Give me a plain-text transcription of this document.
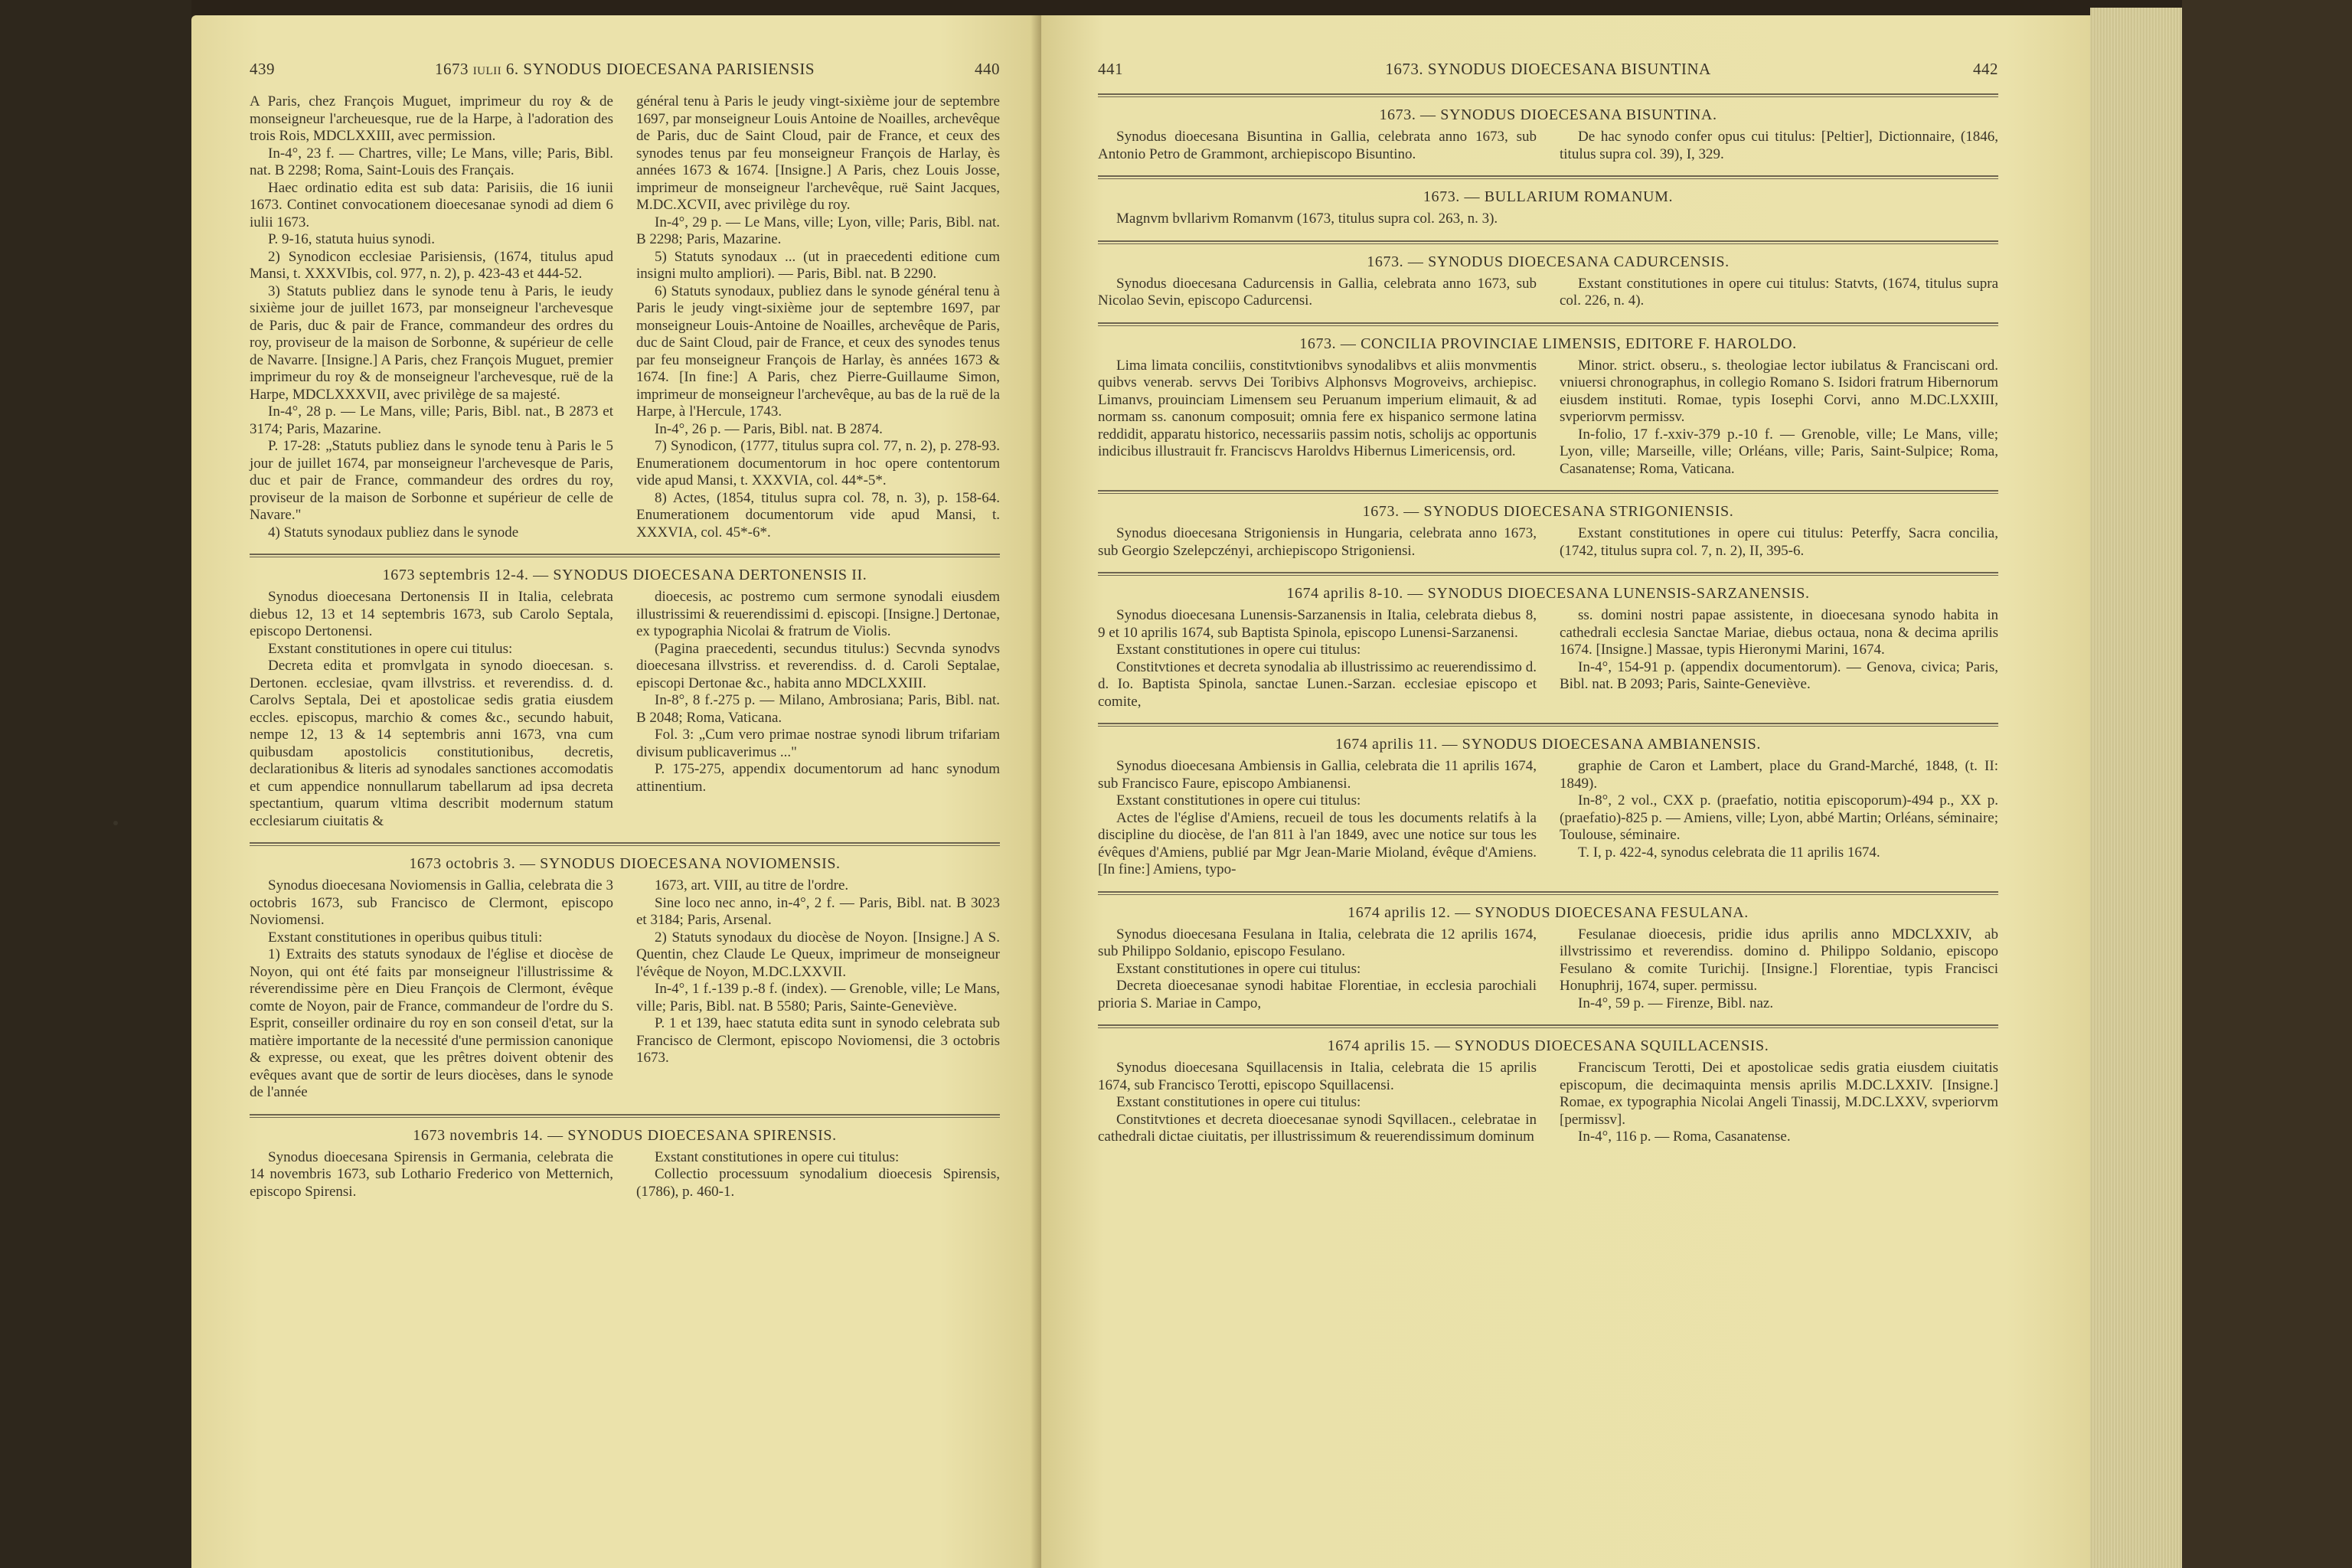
439	1673 iulii 6. SYNODUS DIOECESANA PARISIENSIS	440

A Paris, chez François Muguet, imprimeur du roy & de monseigneur l'archeuesque, rue de la Harpe, à l'adoration des trois Rois, MDCLXXIII, avec permission.

In-4°, 23 f. — Chartres, ville; Le Mans, ville; Paris, Bibl. nat. B 2298; Roma, Saint-Louis des Français.

Haec ordinatio edita est sub data: Parisiis, die 16 iunii 1673. Continet convocationem dioecesanae synodi ad diem 6 iulii 1673.

P. 9-16, statuta huius synodi.

2) Synodicon ecclesiae Parisiensis, (1674, titulus apud Mansi, t. XXXVIbis, col. 977, n. 2), p. 423-43 et 444-52.

3) Statuts publiez dans le synode tenu à Paris, le ieudy sixième jour de juillet 1673, par monseigneur l'archevesque de Paris, duc & pair de France, commandeur des ordres du roy, proviseur de la maison de Sorbonne, & supérieur de celle de Navarre. [Insigne.] A Paris, chez François Muguet, premier imprimeur du roy & de monseigneur l'archevesque, ruë de la Harpe, MDCLXXXVII, avec privilège de sa majesté.

In-4°, 28 p. — Le Mans, ville; Paris, Bibl. nat., B 2873 et 3174; Paris, Mazarine.

P. 17-28: „Statuts publiez dans le synode tenu à Paris le 5 jour de juillet 1674, par monseigneur l'archevesque de Paris, duc et pair de France, commandeur des ordres du roy, proviseur de la maison de Sorbonne et supérieur de celle de Navare."

4) Statuts synodaux publiez dans le synode

général tenu à Paris le jeudy vingt-sixième jour de septembre 1697, par monseigneur Louis Antoine de Noailles, archevêque de Paris, duc de Saint Cloud, pair de France, et ceux des synodes tenus par feu monseigneur François de Harlay, ès années 1673 & 1674. [Insigne.] A Paris, chez Louis Josse, imprimeur de monseigneur l'archevêque, ruë Saint Jacques, M.DC.XCVII, avec privilège du roy.

In-4°, 29 p. — Le Mans, ville; Lyon, ville; Paris, Bibl. nat. B 2298; Paris, Mazarine.

5) Statuts synodaux ... (ut in praecedenti editione cum insigni multo ampliori). — Paris, Bibl. nat. B 2290.

6) Statuts synodaux, publiez dans le synode général tenu à Paris le jeudy vingt-sixième jour de septembre 1697, par monseigneur Louis-Antoine de Noailles, archevêque de Paris, duc de Saint Cloud, pair de France, et ceux des synodes tenus par feu monseigneur François de Harlay, ès années 1673 & 1674. [In fine:] A Paris, chez Pierre-Guillaume Simon, imprimeur de monseigneur l'archevêque, au bas de la ruë de la Harpe, à l'Hercule, 1743.

In-4°, 26 p. — Paris, Bibl. nat. B 2874.

7) Synodicon, (1777, titulus supra col. 77, n. 2), p. 278-93. Enumerationem documentorum in hoc opere contentorum vide apud Mansi, t. XXXVIA, col. 44*-5*.

8) Actes, (1854, titulus supra col. 78, n. 3), p. 158-64. Enumerationem documentorum vide apud Mansi, t. XXXVIA, col. 45*-6*.

1673 septembris 12-4. — SYNODUS DIOECESANA DERTONENSIS II.

Synodus dioecesana Dertonensis II in Italia, celebrata diebus 12, 13 et 14 septembris 1673, sub Carolo Septala, episcopo Dertonensi.

Exstant constitutiones in opere cui titulus:

Decreta edita et promvlgata in synodo dioecesan. s. Dertonen. ecclesiae, qvam illvstriss. et reverendiss. d. d. Carolvs Septala, Dei et apostolicae sedis gratia eiusdem eccles. episcopus, marchio & comes &c., secundo habuit, nempe 12, 13 & 14 septembris anni 1673, vna cum quibusdam apostolicis constitutionibus, decretis, declarationibus & literis ad synodales sanctiones accomodatis et cum appendice nonnullarum tabellarum ad ipsa decreta spectantium, quarum vltima describit modernum statum ecclesiarum ciuitatis &

dioecesis, ac postremo cum sermone synodali eiusdem illustrissimi & reuerendissimi d. episcopi. [Insigne.] Dertonae, ex typographia Nicolai & fratrum de Violis.

(Pagina praecedenti, secundus titulus:) Secvnda synodvs dioecesana illvstriss. et reverendiss. d. d. Caroli Septalae, episcopi Dertonae &c., habita anno MDCLXXIII.

In-8°, 8 f.-275 p. — Milano, Ambrosiana; Paris, Bibl. nat. B 2048; Roma, Vaticana.

Fol. 3: „Cum vero primae nostrae synodi librum trifariam divisum publicaverimus ..."

P. 175-275, appendix documentorum ad hanc synodum attinentium.

1673 octobris 3. — SYNODUS DIOECESANA NOVIOMENSIS.

Synodus dioecesana Noviomensis in Gallia, celebrata die 3 octobris 1673, sub Francisco de Clermont, episcopo Noviomensi.

Exstant constitutiones in operibus quibus tituli:

1) Extraits des statuts synodaux de l'église et diocèse de Noyon, qui ont été faits par monseigneur l'illustrissime & réverendissime père en Dieu François de Clermont, évêque comte de Noyon, pair de France, commandeur de l'ordre du S. Esprit, conseiller ordinaire du roy en son conseil d'etat, sur la matière importante de la necessité d'une permission canonique & expresse, ou exeat, que les prêtres doivent obtenir des evêques avant que de sortir de leurs diocèses, dans le synode de l'année

1673, art. VIII, au titre de l'ordre.

Sine loco nec anno, in-4°, 2 f. — Paris, Bibl. nat. B 3023 et 3184; Paris, Arsenal.

2) Statuts synodaux du diocèse de Noyon. [Insigne.] A S. Quentin, chez Claude Le Queux, imprimeur de monseigneur l'évêque de Noyon, M.DC.LXXVII.

In-4°, 1 f.-139 p.-8 f. (index). — Grenoble, ville; Le Mans, ville; Paris, Bibl. nat. B 5580; Paris, Sainte-Geneviève.

P. 1 et 139, haec statuta edita sunt in synodo celebrata sub Francisco de Clermont, episcopo Noviomensi, die 3 octobris 1673.

1673 novembris 14. — SYNODUS DIOECESANA SPIRENSIS.

Synodus dioecesana Spirensis in Germania, celebrata die 14 novembris 1673, sub Lothario Frederico von Metternich, episcopo Spirensi.

Exstant constitutiones in opere cui titulus:

Collectio processuum synodalium dioecesis Spirensis, (1786), p. 460-1.

441	1673. SYNODUS DIOECESANA BISUNTINA	442
1673. — SYNODUS DIOECESANA BISUNTINA.

Synodus dioecesana Bisuntina in Gallia, celebrata anno 1673, sub Antonio Petro de Grammont, archiepiscopo Bisuntino.

De hac synodo confer opus cui titulus: [Peltier], Dictionnaire, (1846, titulus supra col. 39), I, 329.

1673. — BULLARIUM ROMANUM.

Magnvm bvllarivm Romanvm (1673, titulus supra col. 263, n. 3).

1673. — SYNODUS DIOECESANA CADURCENSIS.

Synodus dioecesana Cadurcensis in Gallia, celebrata anno 1673, sub Nicolao Sevin, episcopo Cadurcensi.

Exstant constitutiones in opere cui titulus: Statvts, (1674, titulus supra col. 226, n. 4).

1673. — CONCILIA PROVINCIAE LIMENSIS, EDITORE F. HAROLDO.

Lima limata conciliis, constitvtionibvs synodalibvs et aliis monvmentis quibvs venerab. servvs Dei Toribivs Alphonsvs Mogroveivs, archiepisc. Limanvs, prouinciam Limensem seu Peruanum imperium elimauit, & ad normam ss. canonum composuit; omnia fere ex hispanico sermone latina reddidit, apparatu historico, necessariis passim notis, scholijs ac opportunis indicibus illustrauit fr. Franciscvs Haroldvs Hibernus Limericensis, ord.

Minor. strict. obseru., s. theologiae lector iubilatus & Franciscani ord. vniuersi chronographus, in collegio Romano S. Isidori fratrum Hibernorum eiusdem instituti. Romae, typis Iosephi Corvi, anno M.DC.LXXIII, svperiorvm permissv.

In-folio, 17 f.-xxiv-379 p.-10 f. — Grenoble, ville; Le Mans, ville; Lyon, ville; Marseille, ville; Orléans, ville; Paris, Saint-Sulpice; Roma, Casanatense; Roma, Vaticana.

1673. — SYNODUS DIOECESANA STRIGONIENSIS.

Synodus dioecesana Strigoniensis in Hungaria, celebrata anno 1673, sub Georgio Szelepczényi, archiepiscopo Strigoniensi.

Exstant constitutiones in opere cui titulus: Peterffy, Sacra concilia, (1742, titulus supra col. 7, n. 2), II, 395-6.

1674 aprilis 8-10. — SYNODUS DIOECESANA LUNENSIS-SARZANENSIS.

Synodus dioecesana Lunensis-Sarzanensis in Italia, celebrata diebus 8, 9 et 10 aprilis 1674, sub Baptista Spinola, episcopo Lunensi-Sarzanensi.

Exstant constitutiones in opere cui titulus:

Constitvtiones et decreta synodalia ab illustrissimo ac reuerendissimo d. d. Io. Baptista Spinola, sanctae Lunen.-Sarzan. ecclesiae episcopo et comite,

ss. domini nostri papae assistente, in dioecesana synodo habita in cathedrali ecclesia Sanctae Mariae, diebus octaua, nona & decima aprilis 1674. [Insigne.] Massae, typis Hieronymi Marini, 1674.

In-4°, 154-91 p. (appendix documentorum). — Genova, civica; Paris, Bibl. nat. B 2093; Paris, Sainte-Geneviève.

1674 aprilis 11. — SYNODUS DIOECESANA AMBIANENSIS.

Synodus dioecesana Ambiensis in Gallia, celebrata die 11 aprilis 1674, sub Francisco Faure, episcopo Ambianensi.

Exstant constitutiones in opere cui titulus:

Actes de l'église d'Amiens, recueil de tous les documents relatifs à la discipline du diocèse, de l'an 811 à l'an 1849, avec une notice sur tous les évêques d'Amiens, publié par Mgr Jean-Marie Mioland, évêque d'Amiens. [In fine:] Amiens, typo-

graphie de Caron et Lambert, place du Grand-Marché, 1848, (t. II: 1849).

In-8°, 2 vol., CXX p. (praefatio, notitia episcoporum)-494 p., XX p. (praefatio)-825 p. — Amiens, ville; Lyon, abbé Martin; Orléans, séminaire; Toulouse, séminaire.

T. I, p. 422-4, synodus celebrata die 11 aprilis 1674.

1674 aprilis 12. — SYNODUS DIOECESANA FESULANA.

Synodus dioecesana Fesulana in Italia, celebrata die 12 aprilis 1674, sub Philippo Soldanio, episcopo Fesulano.

Exstant constitutiones in opere cui titulus:

Decreta dioecesanae synodi habitae Florentiae, in ecclesia parochiali prioria S. Mariae in Campo,

Fesulanae dioecesis, pridie idus aprilis anno MDCLXXIV, ab illvstrissimo et reverendiss. domino d. Philippo Soldanio, episcopo Fesulano & comite Turichij. [Insigne.] Florentiae, typis Francisci Honuphrij, 1674, super. permissu.

In-4°, 59 p. — Firenze, Bibl. naz.

1674 aprilis 15. — SYNODUS DIOECESANA SQUILLACENSIS.

Synodus dioecesana Squillacensis in Italia, celebrata die 15 aprilis 1674, sub Francisco Terotti, episcopo Squillacensi.

Exstant constitutiones in opere cui titulus:

Constitvtiones et decreta dioecesanae synodi Sqvillacen., celebratae in cathedrali dictae ciuitatis, per illustrissimum & reuerendissimum dominum

Franciscum Terotti, Dei et apostolicae sedis gratia eiusdem ciuitatis episcopum, die decimaquinta mensis aprilis M.DC.LXXIV. [Insigne.] Romae, ex typographia Nicolai Angeli Tinassij, M.DC.LXXV, svperiorvm [permissv].

In-4°, 116 p. — Roma, Casanatense.
